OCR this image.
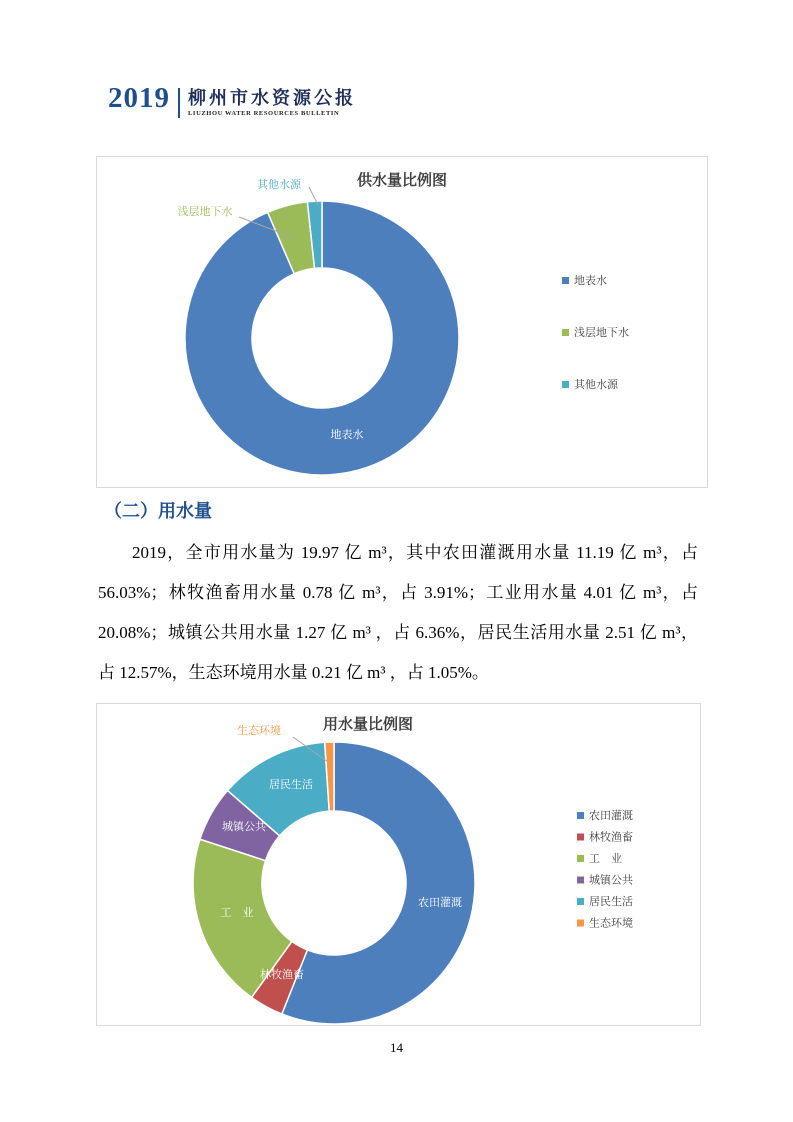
2019 柳州市水资源公报
LIUZHOU WATER RESOURCES BULLETIN
供水量比例图
地表水
浅层地下水
其他水源
地表水
浅层地下水
其他水源
（二）用水量

2019，全市用水量为 19.97 亿 m³，其中农田灌溉用水量 11.19 亿 m³，占 56.03%；林牧渔畜用水量 0.78 亿 m³，占 3.91%；工业用水量 4.01 亿 m³，占 20.08%；城镇公共用水量 1.27 亿 m³ ，占 6.36%，居民生活用水量 2.51 亿 m³，占 12.57%，生态环境用水量 0.21 亿 m³ ，占 1.05%。

用水量比例图
农田灌溉
林牧渔畜
工　业
城镇公共
居民生活
生态环境
农田灌溉
林牧渔畜
工　业
城镇公共
居民生活
生态环境
14
